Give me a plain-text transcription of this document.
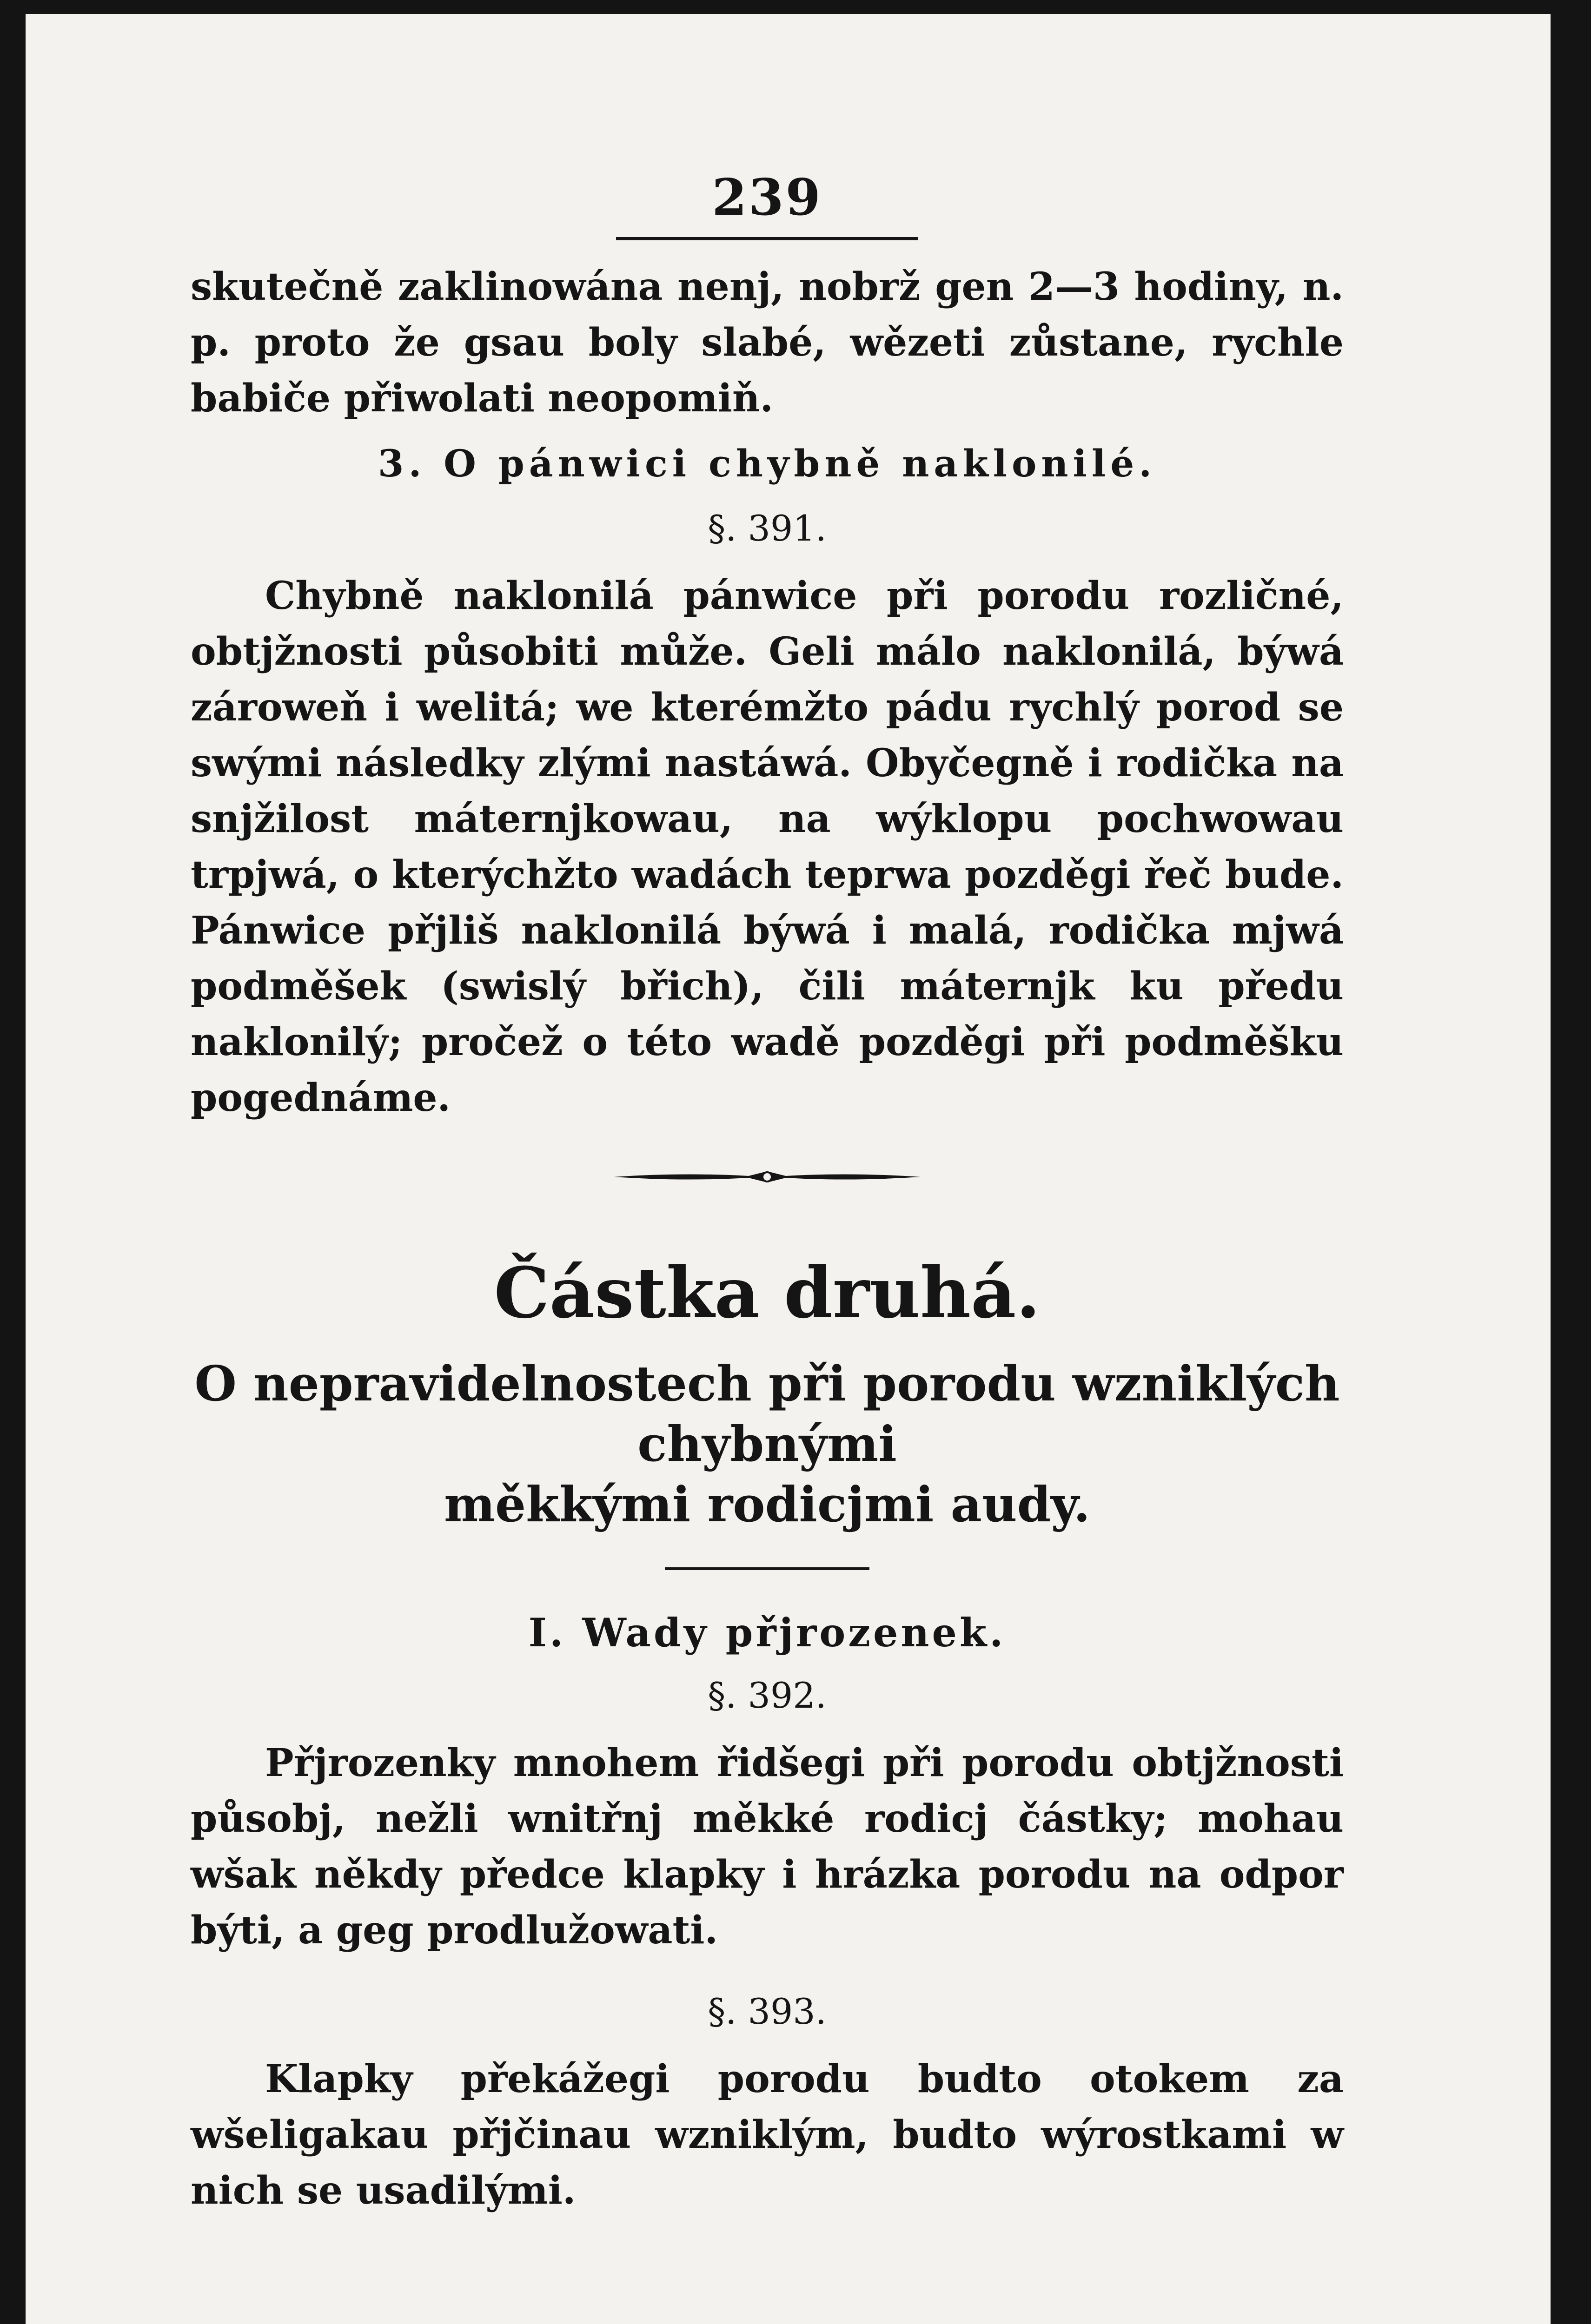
239

skutečně zaklinowána nenj, nobrž gen 2—3 hodiny, n. p. proto že gsau boly slabé, wězeti zůstane, rychle babiče přiwolati neopomiň.

3. O pánwici chybně naklonilé.
§. 391.

Chybně naklonilá pánwice při porodu rozličné, obtjžnosti působiti může. Geli málo naklonilá, býwá zároweň i welitá; we kterémžto pádu rychlý porod se swými následky zlými nastáwá. Obyčegně i rodička na snjžilost máternjkowau, na wýklopu pochwowau trpjwá, o kterýchžto wadách teprwa pozděgi řeč bude. Pánwice přjliš naklonilá býwá i malá, rodička mjwá podměšek (swislý břich), čili máternjk ku předu naklonilý; pročež o této wadě pozděgi při podměšku pogednáme.

Částka druhá.
O nepravidelnostech při porodu wzniklých chybnými
měkkými rodicjmi audy.
I. Wady přjrozenek.
§. 392.

Přjrozenky mnohem řidšegi při porodu obtjžnosti působj, nežli wnitřnj měkké rodicj částky; mohau wšak někdy předce klapky i hrázka porodu na odpor býti, a geg prodlužowati.

§. 393.

Klapky překážegi porodu budto otokem za wšeligakau přjčinau wzniklým, budto wýrostkami w nich se usadilými.
